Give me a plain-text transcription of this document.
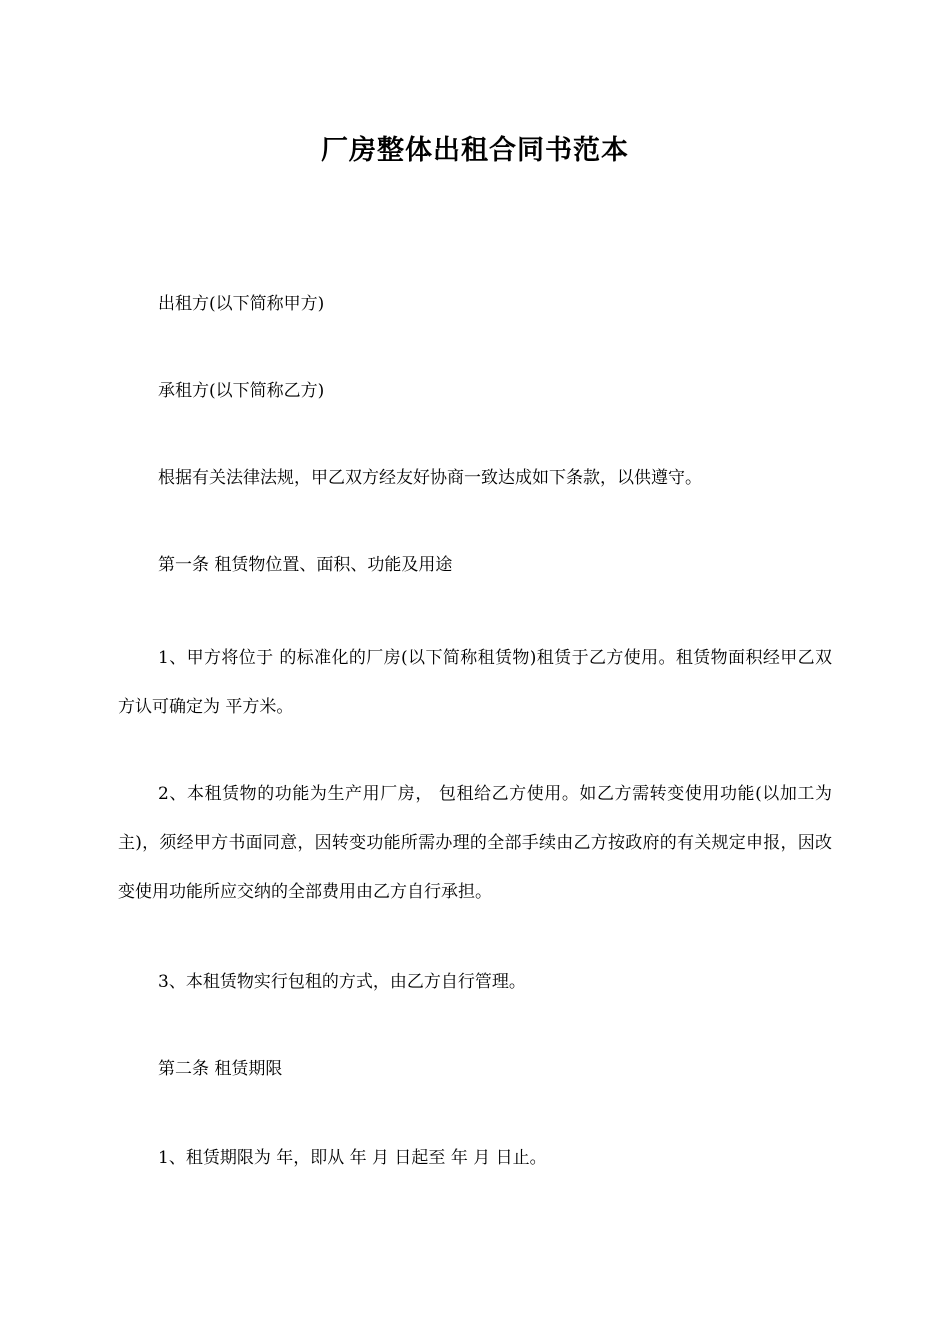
厂房整体出租合同书范本
出租方(以下简称甲方)
承租方(以下简称乙方)
根据有关法律法规，甲乙双方经友好协商一致达成如下条款，以供遵守。
第一条 租赁物位置、面积、功能及用途
1、甲方将位于 的标准化的厂房(以下简称租赁物)租赁于乙方使用。租赁物面积经甲乙双方认可确定为 平方米。
2、本租赁物的功能为生产用厂房， 包租给乙方使用。如乙方需转变使用功能(以加工为主)，须经甲方书面同意，因转变功能所需办理的全部手续由乙方按政府的有关规定申报，因改变使用功能所应交纳的全部费用由乙方自行承担。
3、本租赁物实行包租的方式，由乙方自行管理。
第二条 租赁期限
1、租赁期限为 年，即从 年 月 日起至 年 月 日止。
